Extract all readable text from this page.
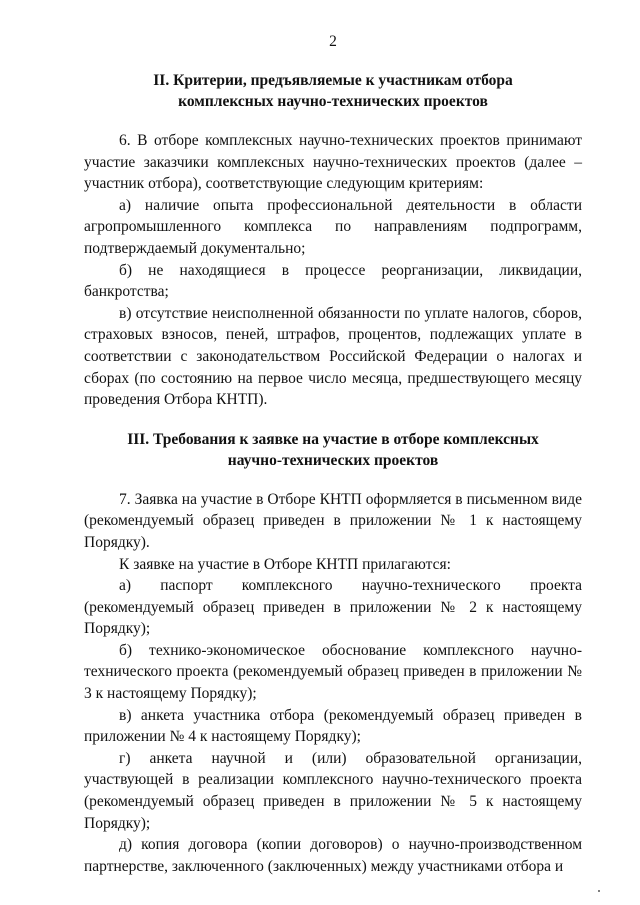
2
II. Критерии, предъявляемые к участникам отбора
комплексных научно-технических проектов

6. В отборе комплексных научно-технических проектов принимают участие заказчики комплексных научно-технических проектов (далее – участник отбора), соответствующие следующим критериям:

а) наличие опыта профессиональной деятельности в области агропромышленного комплекса по направлениям подпрограмм, подтверждаемый документально;

б) не находящиеся в процессе реорганизации, ликвидации, банкротства;

в) отсутствие неисполненной обязанности по уплате налогов, сборов, страховых взносов, пеней, штрафов, процентов, подлежащих уплате в соответствии с законодательством Российской Федерации о налогах и сборах (по состоянию на первое число месяца, предшествующего месяцу проведения Отбора КНТП).

III. Требования к заявке на участие в отборе комплексных
научно-технических проектов

7. Заявка на участие в Отборе КНТП оформляется в письменном виде (рекомендуемый образец приведен в приложении № 1 к настоящему Порядку).

К заявке на участие в Отборе КНТП прилагаются:

а) паспорт комплексного научно-технического проекта (рекомендуемый образец приведен в приложении № 2 к настоящему Порядку);

б) технико-экономическое обоснование комплексного научно-технического проекта (рекомендуемый образец приведен в приложении № 3 к настоящему Порядку);

в) анкета участника отбора (рекомендуемый образец приведен в приложении № 4 к настоящему Порядку);

г) анкета научной и (или) образовательной организации, участвующей в реализации комплексного научно-технического проекта (рекомендуемый образец приведен в приложении № 5 к настоящему Порядку);

д) копия договора (копии договоров) о научно-производственном партнерстве, заключенного (заключенных) между участниками отбора и
